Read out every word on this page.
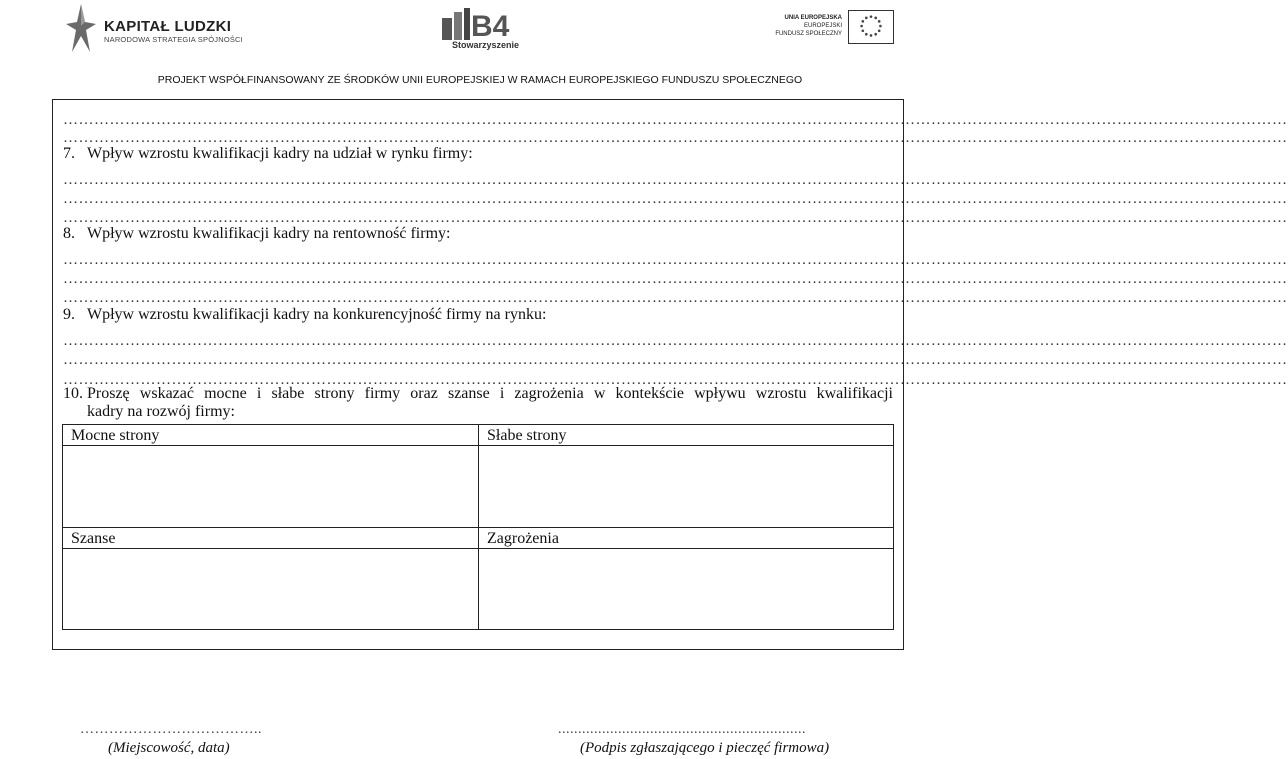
KAPITAŁ LUDZKI
NARODOWA STRATEGIA SPÓJNOŚCI	B4
Stowarzyszenie
UNIA EUROPEJSKA
EUROPEJSKI
FUNDUSZ SPOŁECZNY
PROJEKT WSPÓŁFINANSOWANY ZE ŚRODKÓW UNII EUROPEJSKIEJ W RAMACH EUROPEJSKIEGO FUNDUSZU SPOŁECZNEGO
…………………………………………………………………………………………………………………………………………………………………………………………………………………
…………………………………………………………………………………………………………………………………………………………………………………………………………………
7. Wpływ wzrostu kwalifikacji kadry na udział w rynku firmy:
…………………………………………………………………………………………………………………………………………………………………………………………………………………
…………………………………………………………………………………………………………………………………………………………………………………………………………………
…………………………………………………………………………………………………………………………………………………………………………………………………………………
8. Wpływ wzrostu kwalifikacji kadry na rentowność firmy:
…………………………………………………………………………………………………………………………………………………………………………………………………………………
…………………………………………………………………………………………………………………………………………………………………………………………………………………
…………………………………………………………………………………………………………………………………………………………………………………………………………………
9. Wpływ wzrostu kwalifikacji kadry na konkurencyjność firmy na rynku:
…………………………………………………………………………………………………………………………………………………………………………………………………………………
…………………………………………………………………………………………………………………………………………………………………………………………………………………
…………………………………………………………………………………………………………………………………………………………………………………………………………………
10. Proszę wskazać mocne i słabe strony firmy oraz szanse i zagrożenia w kontekście wpływu wzrostu kwalifikacji
kadry na rozwój firmy:
Mocne strony	Słabe strony
Szanse	Zagrożenia
………………………………..
(Miejscowość, data)
..............................................................
(Podpis zgłaszającego i pieczęć firmowa)
